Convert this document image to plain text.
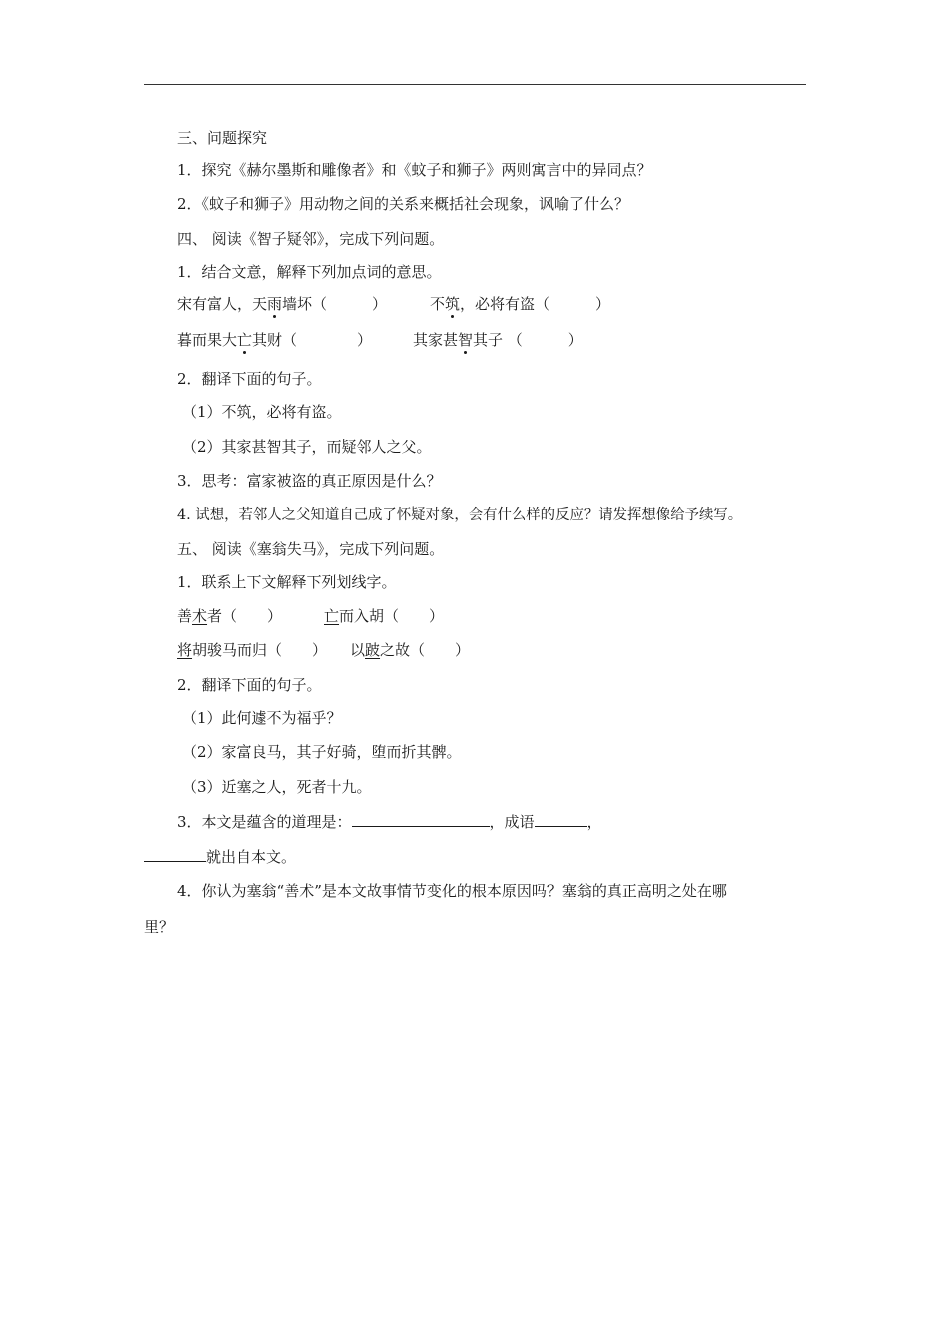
三、问题探究
1．探究《赫尔墨斯和雕像者》和《蚊子和狮子》两则寓言中的异同点？
2．《蚊子和狮子》用动物之间的关系来概括社会现象，讽喻了什么？
四、 阅读《智子疑邻》，完成下列问题。
1．结合文意，解释下列加点词的意思。
宋有富人，天雨墙坏（　　　）	不筑，必将有盗（　　　）
暮而果大亡其财（　　　　）	其家甚智其子 （　　　）
2．翻译下面的句子。
（1）不筑，必将有盗。
（2）其家甚智其子，而疑邻人之父。
3．思考：富家被盗的真正原因是什么？
4. 试想，若邻人之父知道自己成了怀疑对象，会有什么样的反应？请发挥想像给予续写。
五、 阅读《塞翁失马》，完成下列问题。
1．联系上下文解释下列划线字。
善术者（　　）	亡而入胡（　　）
将胡骏马而归（　　） 以跛之故（　　）
2．翻译下面的句子。
（1）此何遽不为福乎？
（2）家富良马，其子好骑，堕而折其髀。
（3）近塞之人，死者十九。
3．本文是蕴含的道理是：	，成语	，
就出自本文。
4．你认为塞翁“善术”是本文故事情节变化的根本原因吗？塞翁的真正高明之处在哪
里？
